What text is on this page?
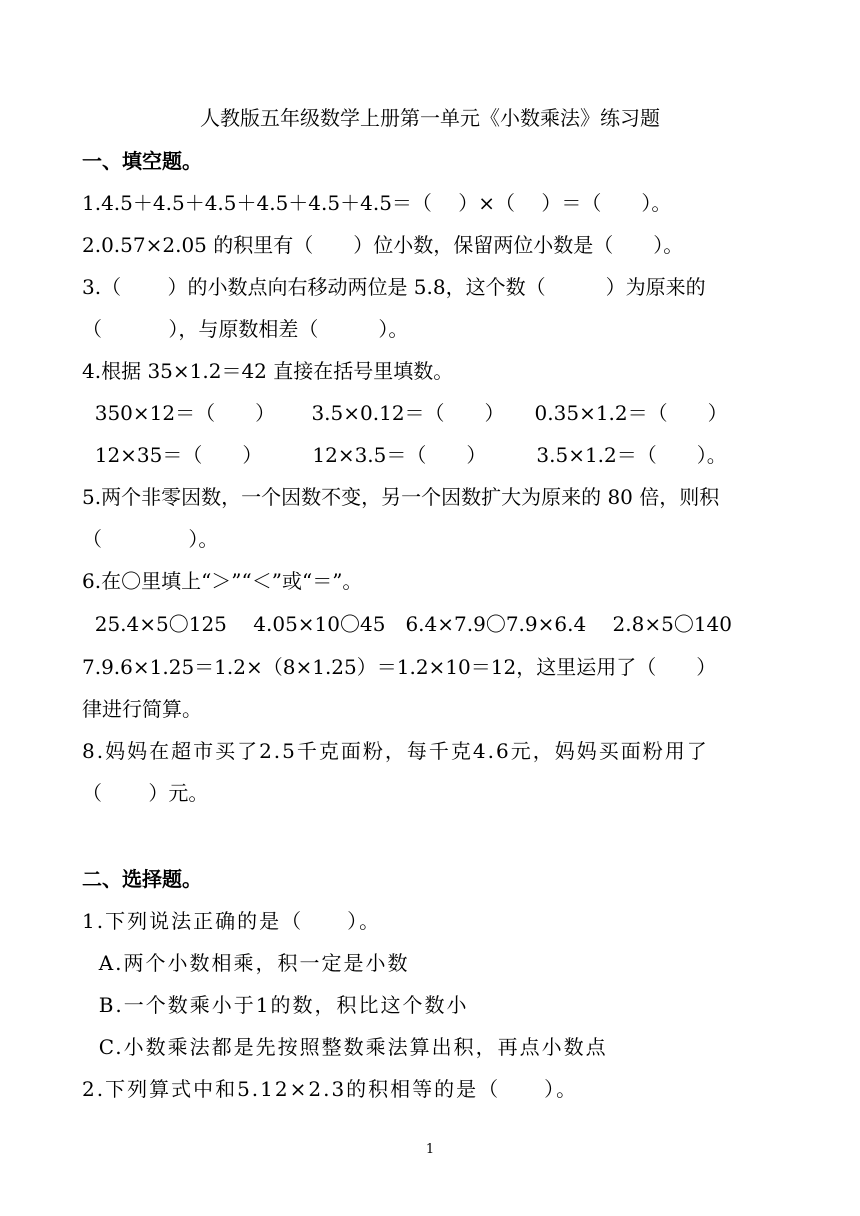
人教版五年级数学上册第一单元《小数乘法》练习题
一、填空题。
1.4.5＋4.5＋4.5＋4.5＋4.5＋4.5＝（　 ）×（　 ）＝（　　）。
2.0.57×2.05 的积里有（　　）位小数，保留两位小数是（　　）。
3.（　　 ）的小数点向右移动两位是 5.8，这个数（　　　）为原来的
（　　　 ），与原数相差（　　　）。
4.根据 35×1.2＝42 直接在括号里填数。
350×12＝（　　）　　 3.5×0.12＝（　　）　　0.35×1.2＝（　　）
12×35＝（　　）　　　12×3.5＝（　　）　　　3.5×1.2＝（　　）。
5.两个非零因数，一个因数不变，另一个因数扩大为原来的 80 倍，则积
（　　　　 ）。
6.在〇里填上“＞”“＜”或“＝”。
25.4×5〇125　 4.05×10〇45　6.4×7.9〇7.9×6.4　 2.8×5〇140
7.9.6×1.25＝1.2×（8×1.25）＝1.2×10＝12，这里运用了（　　）
律进行简算。
8.妈妈在超市买了2.5千克面粉，每千克4.6元，妈妈买面粉用了
（　　 ）元。
二、选择题。
1.下列说法正确的是（　　）。
A.两个小数相乘，积一定是小数
B.一个数乘小于1的数，积比这个数小
C.小数乘法都是先按照整数乘法算出积，再点小数点
2.下列算式中和5.12×2.3的积相等的是（　　）。
1
